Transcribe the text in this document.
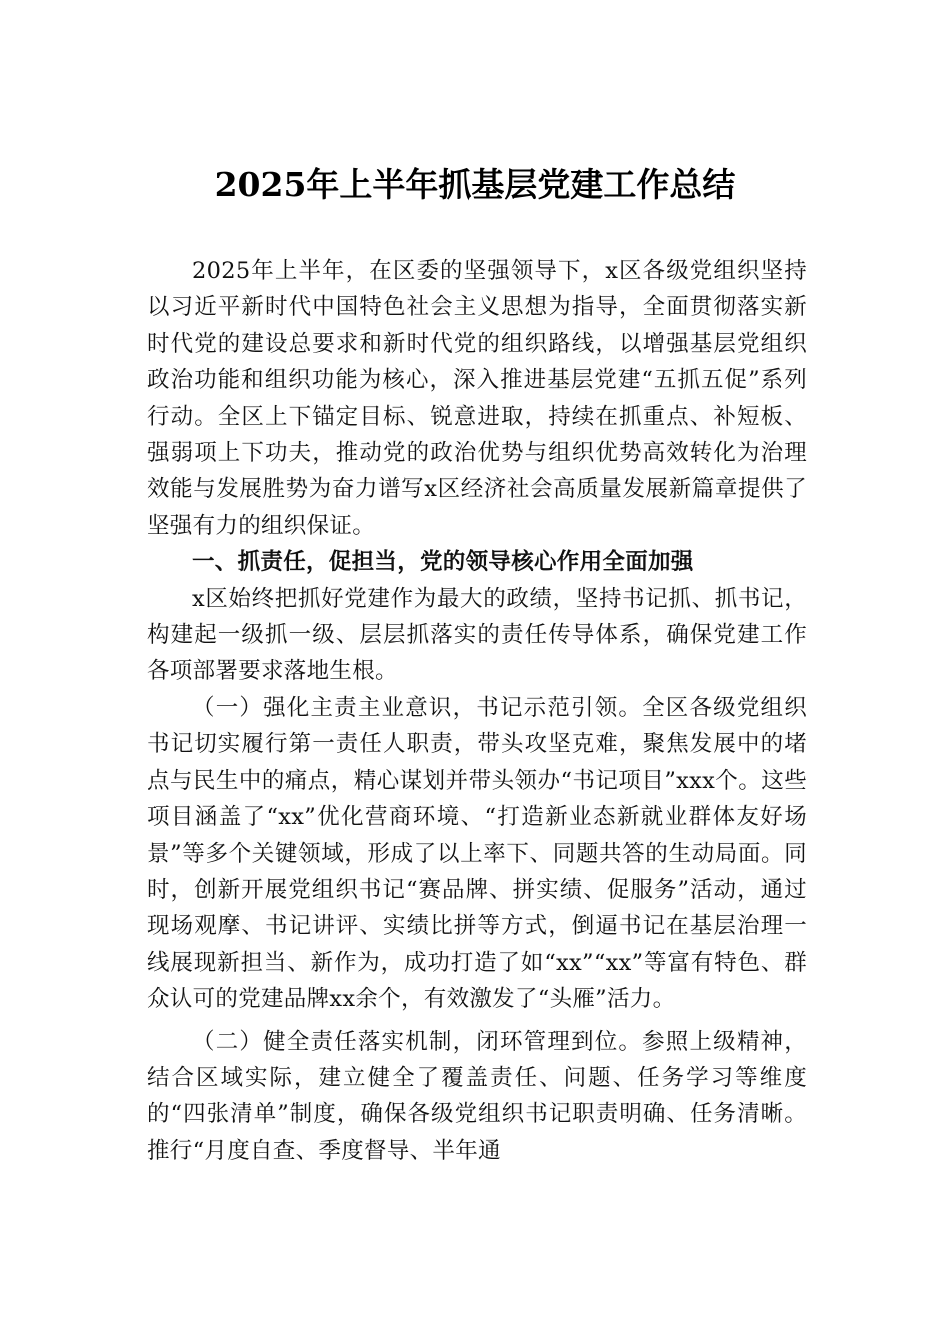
2025年上半年抓基层党建工作总结

2025年上半年，在区委的坚强领导下，x区各级党组织坚持以习近平新时代中国特色社会主义思想为指导，全面贯彻落实新时代党的建设总要求和新时代党的组织路线，以增强基层党组织政治功能和组织功能为核心，深入推进基层党建“五抓五促”系列行动。全区上下锚定目标、锐意进取，持续在抓重点、补短板、强弱项上下功夫，推动党的政治优势与组织优势高效转化为治理效能与发展胜势为奋力谱写x区经济社会高质量发展新篇章提供了坚强有力的组织保证。

一、抓责任，促担当，党的领导核心作用全面加强

x区始终把抓好党建作为最大的政绩，坚持书记抓、抓书记，构建起一级抓一级、层层抓落实的责任传导体系，确保党建工作各项部署要求落地生根。

（一）强化主责主业意识，书记示范引领。全区各级党组织书记切实履行第一责任人职责，带头攻坚克难，聚焦发展中的堵点与民生中的痛点，精心谋划并带头领办“书记项目”xxx个。这些项目涵盖了“xx”优化营商环境、“打造新业态新就业群体友好场景”等多个关键领域，形成了以上率下、同题共答的生动局面。同时，创新开展党组织书记“赛品牌、拼实绩、促服务”活动，通过现场观摩、书记讲评、实绩比拼等方式，倒逼书记在基层治理一线展现新担当、新作为，成功打造了如“xx”“xx”等富有特色、群众认可的党建品牌xx余个，有效激发了“头雁”活力。

（二）健全责任落实机制，闭环管理到位。参照上级精神，结合区域实际，建立健全了覆盖责任、问题、任务学习等维度的“四张清单”制度，确保各级党组织书记职责明确、任务清晰。推行“月度自查、季度督导、半年通
